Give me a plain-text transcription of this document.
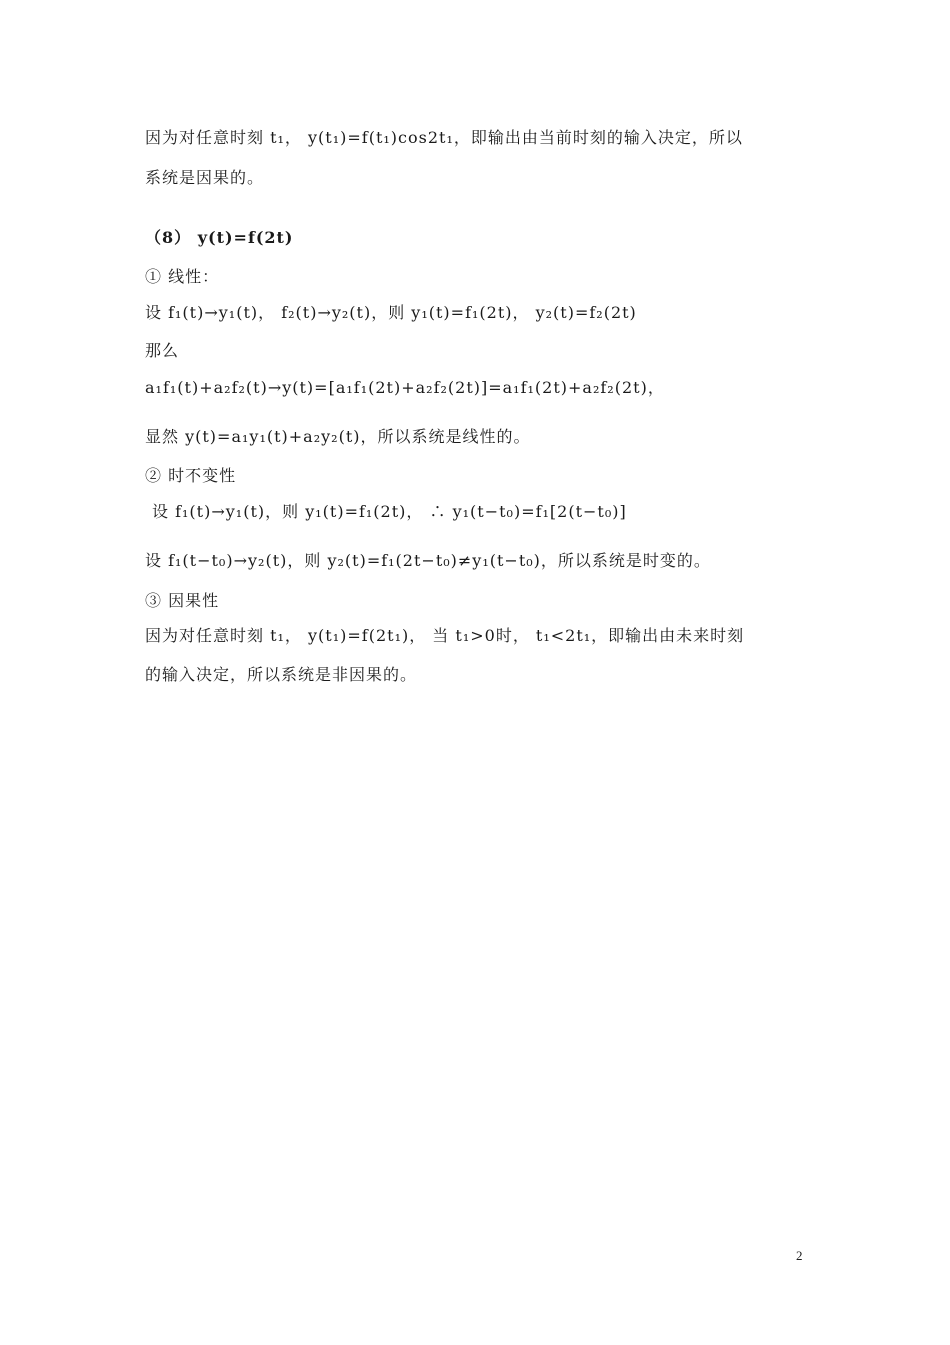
因为对任意时刻 t₁， y(t₁)=f(t₁)cos2t₁，即输出由当前时刻的输入决定，所以
系统是因果的。
（8） y(t)=f(2t)
① 线性：
设 f₁(t)→y₁(t)， f₂(t)→y₂(t)，则 y₁(t)=f₁(2t)， y₂(t)=f₂(2t)
那么
a₁f₁(t)+a₂f₂(t)→y(t)=[a₁f₁(2t)+a₂f₂(2t)]=a₁f₁(2t)+a₂f₂(2t)，
显然 y(t)=a₁y₁(t)+a₂y₂(t)，所以系统是线性的。
② 时不变性
设 f₁(t)→y₁(t)，则 y₁(t)=f₁(2t)， ∴ y₁(t−t₀)=f₁[2(t−t₀)]
设 f₁(t−t₀)→y₂(t)，则 y₂(t)=f₁(2t−t₀)≠y₁(t−t₀)，所以系统是时变的。
③ 因果性
因为对任意时刻 t₁， y(t₁)=f(2t₁)， 当 t₁>0时， t₁<2t₁，即输出由未来时刻
的输入决定，所以系统是非因果的。
2
